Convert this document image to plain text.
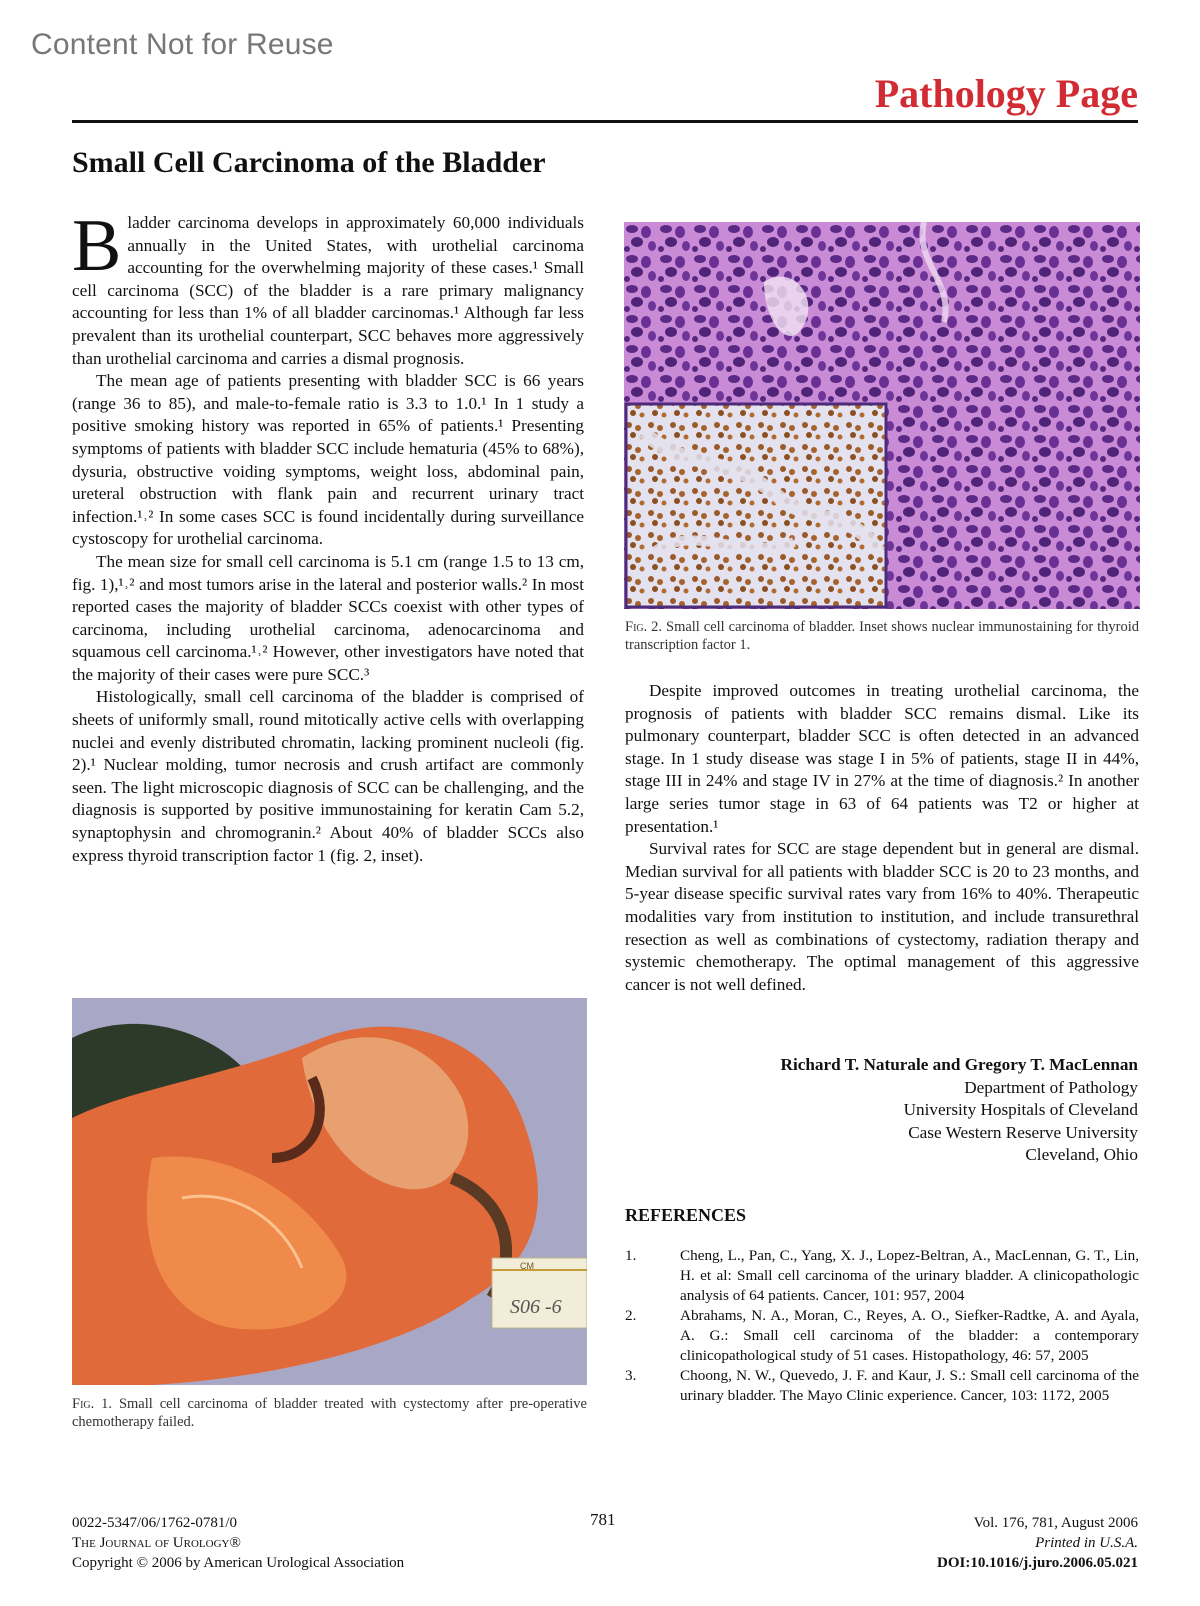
Content Not for Reuse
Pathology Page
Small Cell Carcinoma of the Bladder

Bladder carcinoma develops in approximately 60,000 individuals annually in the United States, with urothelial carcinoma accounting for the overwhelming majority of these cases.¹ Small cell carcinoma (SCC) of the bladder is a rare primary malignancy accounting for less than 1% of all bladder carcinomas.¹ Although far less prevalent than its urothelial counterpart, SCC behaves more aggressively than urothelial carcinoma and carries a dismal prognosis.

The mean age of patients presenting with bladder SCC is 66 years (range 36 to 85), and male-to-female ratio is 3.3 to 1.0.¹ In 1 study a positive smoking history was reported in 65% of patients.¹ Presenting symptoms of patients with bladder SCC include hematuria (45% to 68%), dysuria, obstructive voiding symptoms, weight loss, abdominal pain, ureteral obstruction with flank pain and recurrent urinary tract infection.¹˒² In some cases SCC is found incidentally during surveillance cystoscopy for urothelial carcinoma.

The mean size for small cell carcinoma is 5.1 cm (range 1.5 to 13 cm, fig. 1),¹˒² and most tumors arise in the lateral and posterior walls.² In most reported cases the majority of bladder SCCs coexist with other types of carcinoma, including urothelial carcinoma, adenocarcinoma and squamous cell carcinoma.¹˒² However, other investigators have noted that the majority of their cases were pure SCC.³

Histologically, small cell carcinoma of the bladder is comprised of sheets of uniformly small, round mitotically active cells with overlapping nuclei and evenly distributed chromatin, lacking prominent nucleoli (fig. 2).¹ Nuclear molding, tumor necrosis and crush artifact are commonly seen. The light microscopic diagnosis of SCC can be challenging, and the diagnosis is supported by positive immunostaining for keratin Cam 5.2, synaptophysin and chromogranin.² About 40% of bladder SCCs also express thyroid transcription factor 1 (fig. 2, inset).

Fig. 2. Small cell carcinoma of bladder. Inset shows nuclear immunostaining for thyroid transcription factor 1.
CM
S06 -6
Fig. 1. Small cell carcinoma of bladder treated with cystectomy after pre-operative chemotherapy failed.

Despite improved outcomes in treating urothelial carcinoma, the prognosis of patients with bladder SCC remains dismal. Like its pulmonary counterpart, bladder SCC is often detected in an advanced stage. In 1 study disease was stage I in 5% of patients, stage II in 44%, stage III in 24% and stage IV in 27% at the time of diagnosis.² In another large series tumor stage in 63 of 64 patients was T2 or higher at presentation.¹

Survival rates for SCC are stage dependent but in general are dismal. Median survival for all patients with bladder SCC is 20 to 23 months, and 5-year disease specific survival rates vary from 16% to 40%. Therapeutic modalities vary from institution to institution, and include transurethral resection as well as combinations of cystectomy, radiation therapy and systemic chemotherapy. The optimal management of this aggressive cancer is not well defined.

Richard T. Naturale and Gregory T. MacLennan
Department of Pathology
University Hospitals of Cleveland
Case Western Reserve University
Cleveland, Ohio
REFERENCES
1.	Cheng, L., Pan, C., Yang, X. J., Lopez-Beltran, A., MacLennan, G. T., Lin, H. et al: Small cell carcinoma of the urinary bladder. A clinicopathologic analysis of 64 patients. Cancer, 101: 957, 2004
2.	Abrahams, N. A., Moran, C., Reyes, A. O., Siefker-Radtke, A. and Ayala, A. G.: Small cell carcinoma of the bladder: a contemporary clinicopathological study of 51 cases. Histopathology, 46: 57, 2005
3.	Choong, N. W., Quevedo, J. F. and Kaur, J. S.: Small cell carcinoma of the urinary bladder. The Mayo Clinic experience. Cancer, 103: 1172, 2005
0022-5347/06/1762-0781/0
The Journal of Urology®
Copyright © 2006 by American Urological Association
781	Vol. 176, 781, August 2006
Printed in U.S.A.
DOI:10.1016/j.juro.2006.05.021
